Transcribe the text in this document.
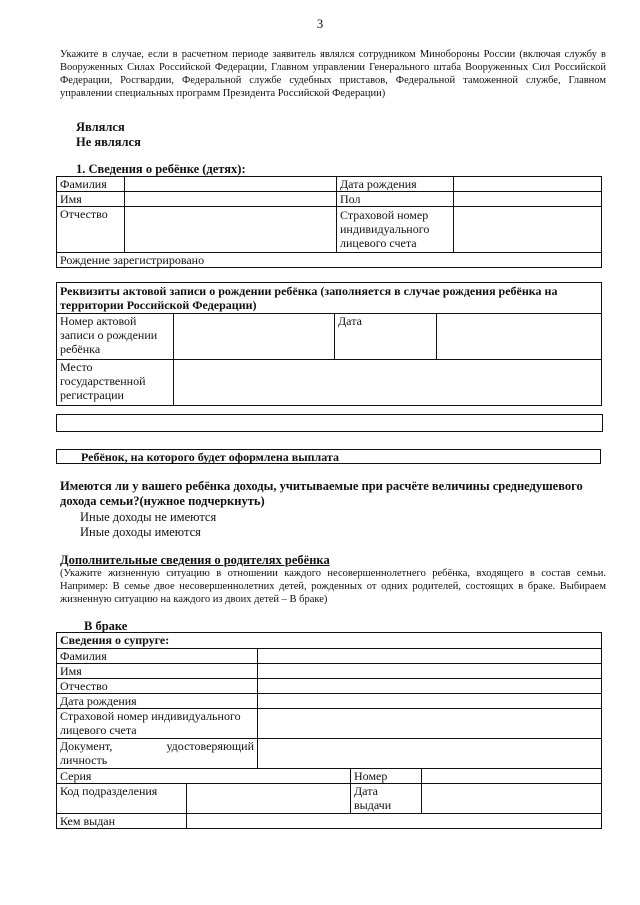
3
Укажите в случае, если в расчетном периоде заявитель являлся сотрудником Минобороны России (включая службу в Вооруженных Силах Российской Федерации, Главном управлении Генерального штаба Вооруженных Сил Российской Федерации, Росгвардии, Федеральной службе судебных приставов, Федеральной таможенной службе, Главном управлении специальных программ Президента Российской Федерации)
Являлся
Не являлся
1. Сведения о ребёнке (детях):
Фамилия		Дата рождения	
Имя		Пол	
Отчество		Страховой номер индивидуального лицевого счета	
Рождение зарегистрировано			
Реквизиты актовой записи о рождении ребёнка (заполняется в случае рождения ребёнка на территории Российской Федерации)			
Номер актовой записи о рождении ребёнка		Дата	
Место государственной регистрации			
Ребёнок, на которого будет оформлена выплата
Имеются ли у вашего ребёнка доходы, учитываемые при расчёте величины среднедушевого дохода семьи?(нужное подчеркнуть)
Иные доходы не имеются
Иные доходы имеются
Дополнительные сведения о родителях ребёнка
(Укажите жизненную ситуацию в отношении каждого несовершеннолетнего ребёнка, входящего в состав семьи. Например: В семье двое несовершеннолетних детей, рожденных от одних родителей, состоящих в браке. Выбираем жизненную ситуацию на каждого из двоих детей – В браке)
В браке
Сведения о супруге:				
Фамилия				
Имя				
Отчество				
Дата рождения				
Страховой номер индивидуального лицевого счета				

Документ, удостоверяющий
личность				

Серия			Номер	
Код подразделения			Дата выдачи	
Кем выдан				
